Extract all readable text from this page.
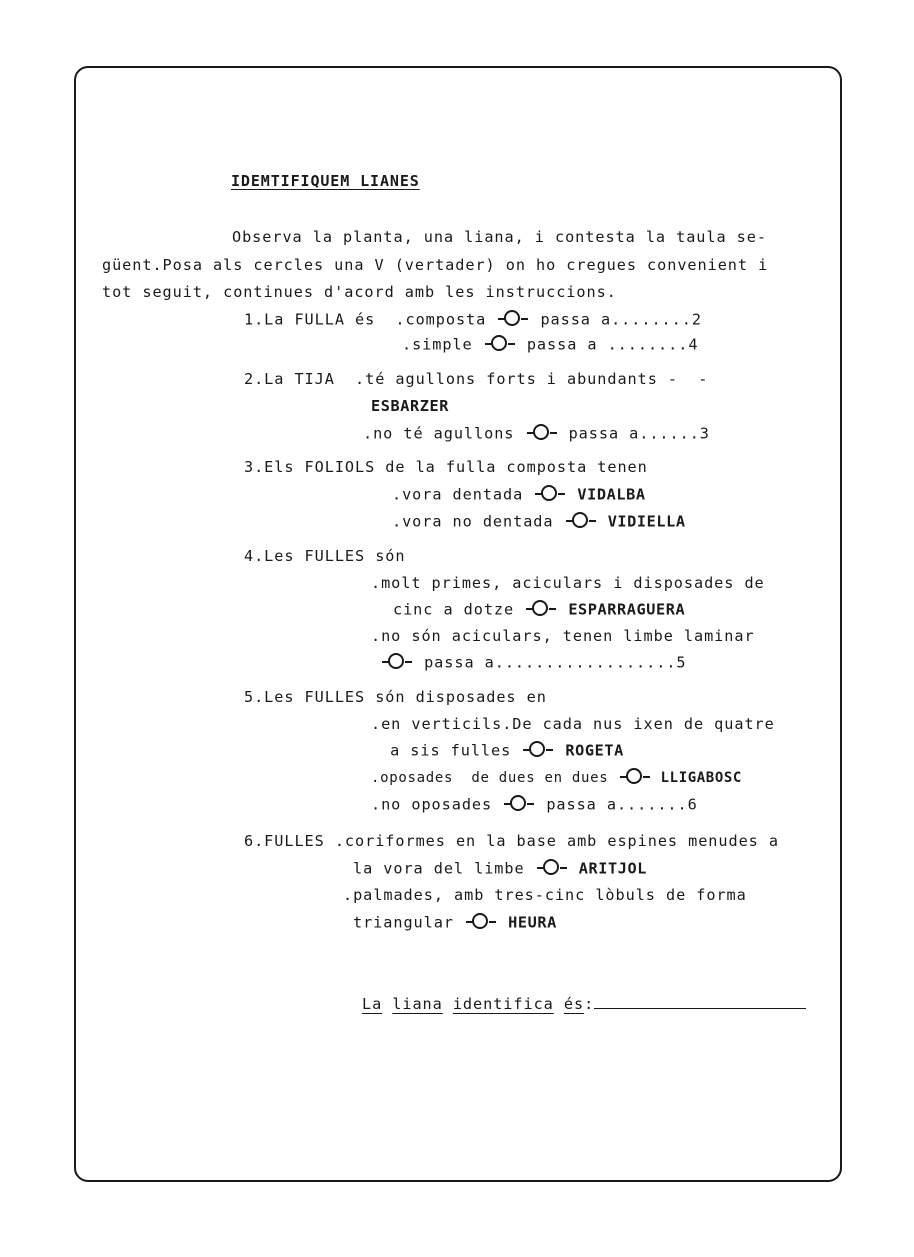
IDEMTIFIQUEM LIANES
Observa la planta, una liana, i contesta la taula se-
güent.Posa als cercles una V (vertader) on ho cregues convenient i
tot seguit, continues d'acord amb les instruccions.
1.La FULLA és .composta	passa a........2
.simple	passa a ........4
2.La TIJA .té agullons forts i abundants -  -
ESBARZER
.no té agullons	passa a......3
3.Els FOLIOLS de la fulla composta tenen
.vora dentada	VIDALBA
.vora no dentada	VIDIELLA
4.Les FULLES són
.molt primes, aciculars i disposades de
cinc a dotze	ESPARRAGUERA
.no són aciculars, tenen limbe laminar
passa a..................5
5.Les FULLES són disposades en
.en verticils.De cada nus ixen de quatre
a sis fulles	ROGETA
.oposades  de dues en dues	LLIGABOSC
.no oposades	passa a.......6
6.FULLES .coriformes en la base amb espines menudes a
la vora del limbe	ARITJOL
.palmades, amb tres-cinc lòbuls de forma
triangular	HEURA
La liana identifica és:
